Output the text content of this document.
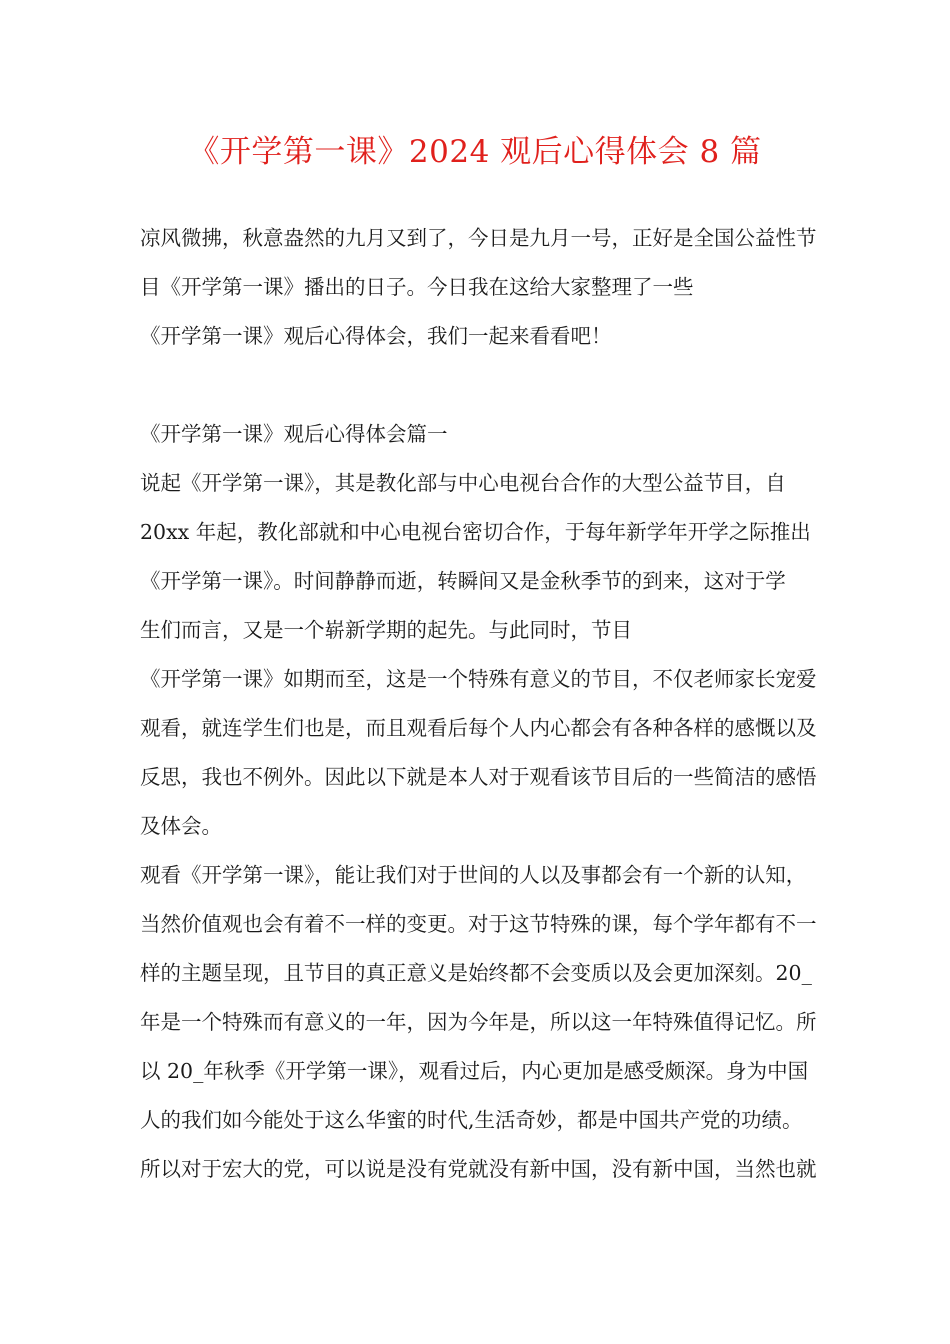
《开学第一课》2024 观后心得体会 8 篇
凉风微拂，秋意盎然的九月又到了，今日是九月一号，正好是全国公益性节
目《开学第一课》播出的日子。今日我在这给大家整理了一些
《开学第一课》观后心得体会，我们一起来看看吧！
《开学第一课》观后心得体会篇一
说起《开学第一课》，其是教化部与中心电视台合作的大型公益节目，自
20xx 年起，教化部就和中心电视台密切合作，于每年新学年开学之际推出
《开学第一课》。时间静静而逝，转瞬间又是金秋季节的到来，这对于学
生们而言，又是一个崭新学期的起先。与此同时，节目
《开学第一课》如期而至，这是一个特殊有意义的节目，不仅老师家长宠爱
观看，就连学生们也是，而且观看后每个人内心都会有各种各样的感慨以及
反思，我也不例外。因此以下就是本人对于观看该节目后的一些简洁的感悟
及体会。
观看《开学第一课》，能让我们对于世间的人以及事都会有一个新的认知，
当然价值观也会有着不一样的变更。对于这节特殊的课，每个学年都有不一
样的主题呈现，且节目的真正意义是始终都不会变质以及会更加深刻。20_
年是一个特殊而有意义的一年，因为今年是，所以这一年特殊值得记忆。所
以 20_年秋季《开学第一课》，观看过后，内心更加是感受颇深。身为中国
人的我们如今能处于这么华蜜的时代,生活奇妙，都是中国共产党的功绩。
所以对于宏大的党，可以说是没有党就没有新中国，没有新中国，当然也就
